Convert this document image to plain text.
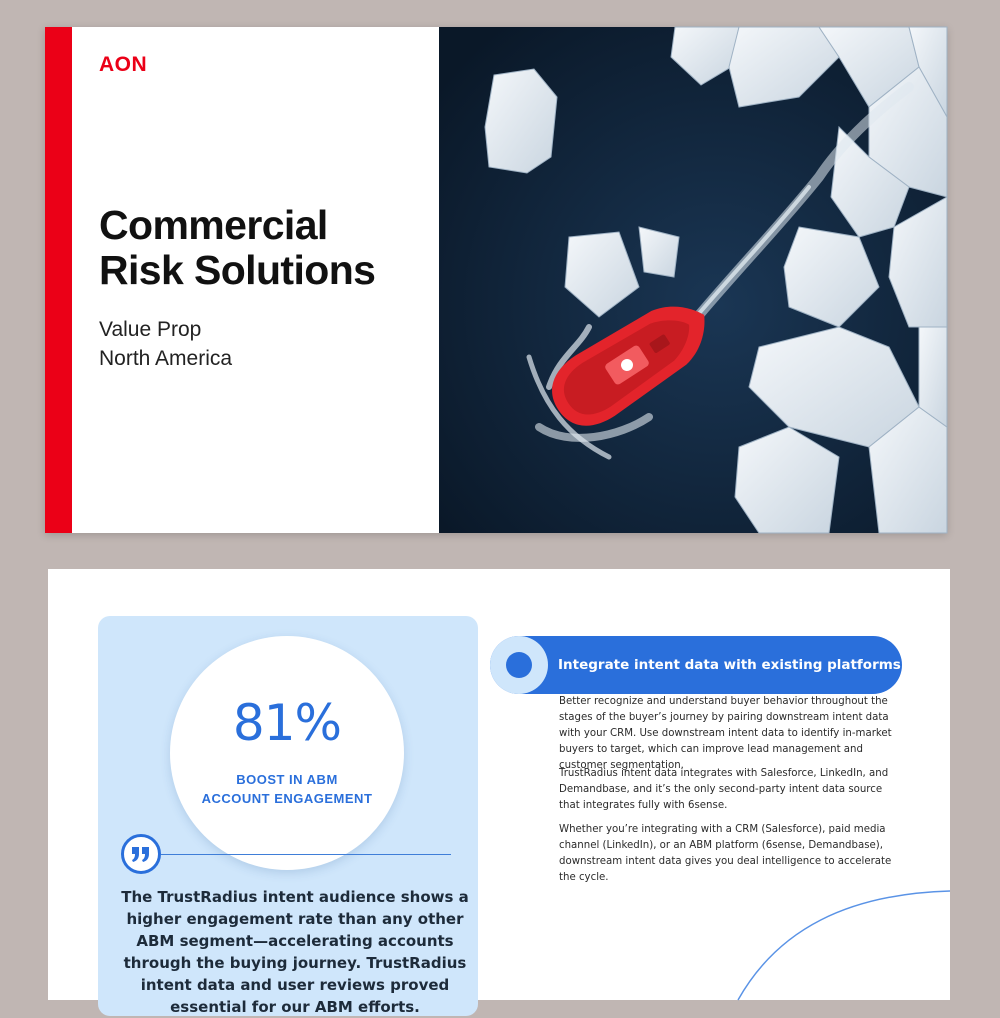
AON
Commercial
Risk Solutions
Value Prop
North America
81%
BOOST IN ABM
ACCOUNT ENGAGEMENT
The TrustRadius intent audience shows a higher engagement rate than any other ABM segment—accelerating accounts through the buying journey. TrustRadius intent data and user reviews proved essential for our ABM efforts.
Integrate intent data with existing platforms
Better recognize and understand buyer behavior throughout the stages of the buyer’s journey by pairing downstream intent data with your CRM. Use downstream intent data to identify in-market buyers to target, which can improve lead management and customer segmentation.
TrustRadius intent data integrates with Salesforce, LinkedIn, and Demandbase, and it’s the only second-party intent data source that integrates fully with 6sense.
Whether you’re integrating with a CRM (Salesforce), paid media channel (LinkedIn), or an ABM platform (6sense, Demandbase), downstream intent data gives you deal intelligence to accelerate the cycle.
